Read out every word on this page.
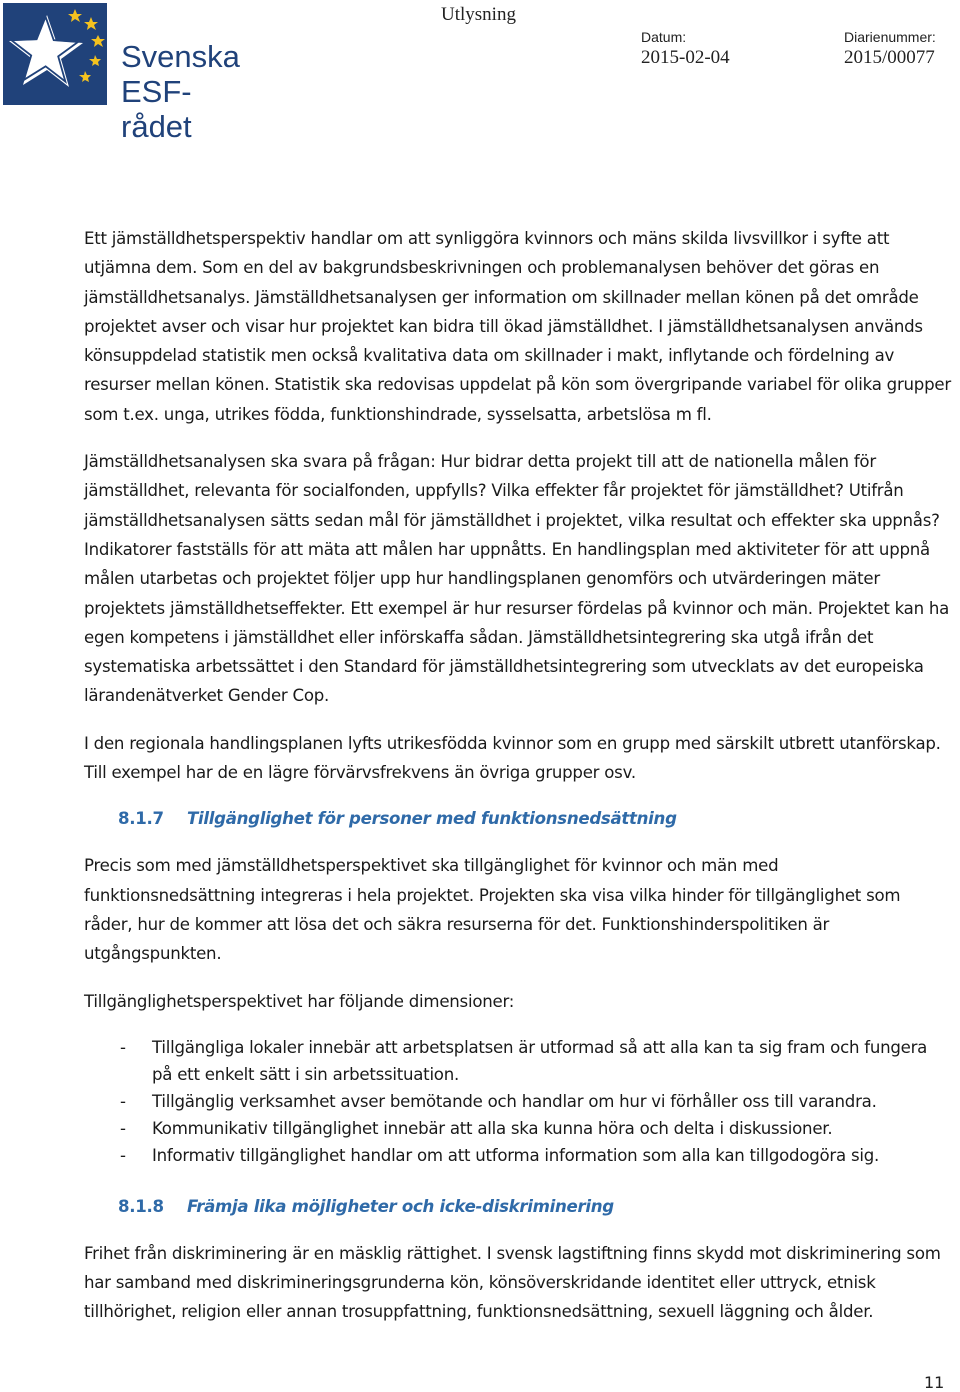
Svenska
ESF-rådet
Utlysning
Datum:
2015-02-04
Diarienummer:
2015/00077

Ett jämställdhetsperspektiv handlar om att synliggöra kvinnors och mäns skilda livsvillkor i syfte att utjämna dem. Som en del av bakgrundsbeskrivningen och problemanalysen behöver det göras en jämställdhetsanalys. Jämställdhetsanalysen ger information om skillnader mellan könen på det område projektet avser och visar hur projektet kan bidra till ökad jämställdhet. I jämställdhetsanalysen används könsuppdelad statistik men också kvalitativa data om skillnader i makt, inflytande och fördelning av resurser mellan könen. Statistik ska redovisas uppdelat på kön som övergripande variabel för olika grupper som t.ex. unga, utrikes födda, funktionshindrade, sysselsatta, arbetslösa m fl.

Jämställdhetsanalysen ska svara på frågan: Hur bidrar detta projekt till att de nationella målen för jämställdhet, relevanta för socialfonden, uppfylls? Vilka effekter får projektet för jämställdhet? Utifrån jämställdhetsanalysen sätts sedan mål för jämställdhet i projektet, vilka resultat och effekter ska uppnås? Indikatorer fastställs för att mäta att målen har uppnåtts. En handlingsplan med aktiviteter för att uppnå målen utarbetas och projektet följer upp hur handlingsplanen genomförs och utvärderingen mäter projektets jämställdhetseffekter. Ett exempel är hur resurser fördelas på kvinnor och män. Projektet kan ha egen kompetens i jämställdhet eller införskaffa sådan. Jämställdhetsintegrering ska utgå ifrån det systematiska arbetssättet i den Standard för jämställdhetsintegrering som utvecklats av det europeiska lärandenätverket Gender Cop.

I den regionala handlingsplanen lyfts utrikesfödda kvinnor som en grupp med särskilt utbrett utanförskap. Till exempel har de en lägre förvärvsfrekvens än övriga grupper osv.

8.1.7 Tillgänglighet för personer med funktionsnedsättning

Precis som med jämställdhetsperspektivet ska tillgänglighet för kvinnor och män med funktionsnedsättning integreras i hela projektet. Projekten ska visa vilka hinder för tillgänglighet som råder, hur de kommer att lösa det och säkra resurserna för det. Funktionshinderspolitiken är utgångspunkten.

Tillgänglighetsperspektivet har följande dimensioner:

- Tillgängliga lokaler innebär att arbetsplatsen är utformad så att alla kan ta sig fram och fungera på ett enkelt sätt i sin arbetssituation.
- Tillgänglig verksamhet avser bemötande och handlar om hur vi förhåller oss till varandra.
- Kommunikativ tillgänglighet innebär att alla ska kunna höra och delta i diskussioner.
- Informativ tillgänglighet handlar om att utforma information som alla kan tillgodogöra sig.
8.1.8 Främja lika möjligheter och icke-diskriminering

Frihet från diskriminering är en mäsklig rättighet. I svensk lagstiftning finns skydd mot diskriminering som har samband med diskrimineringsgrunderna kön, könsöverskridande identitet eller uttryck, etnisk tillhörighet, religion eller annan trosuppfattning, funktionsnedsättning, sexuell läggning och ålder.

11
